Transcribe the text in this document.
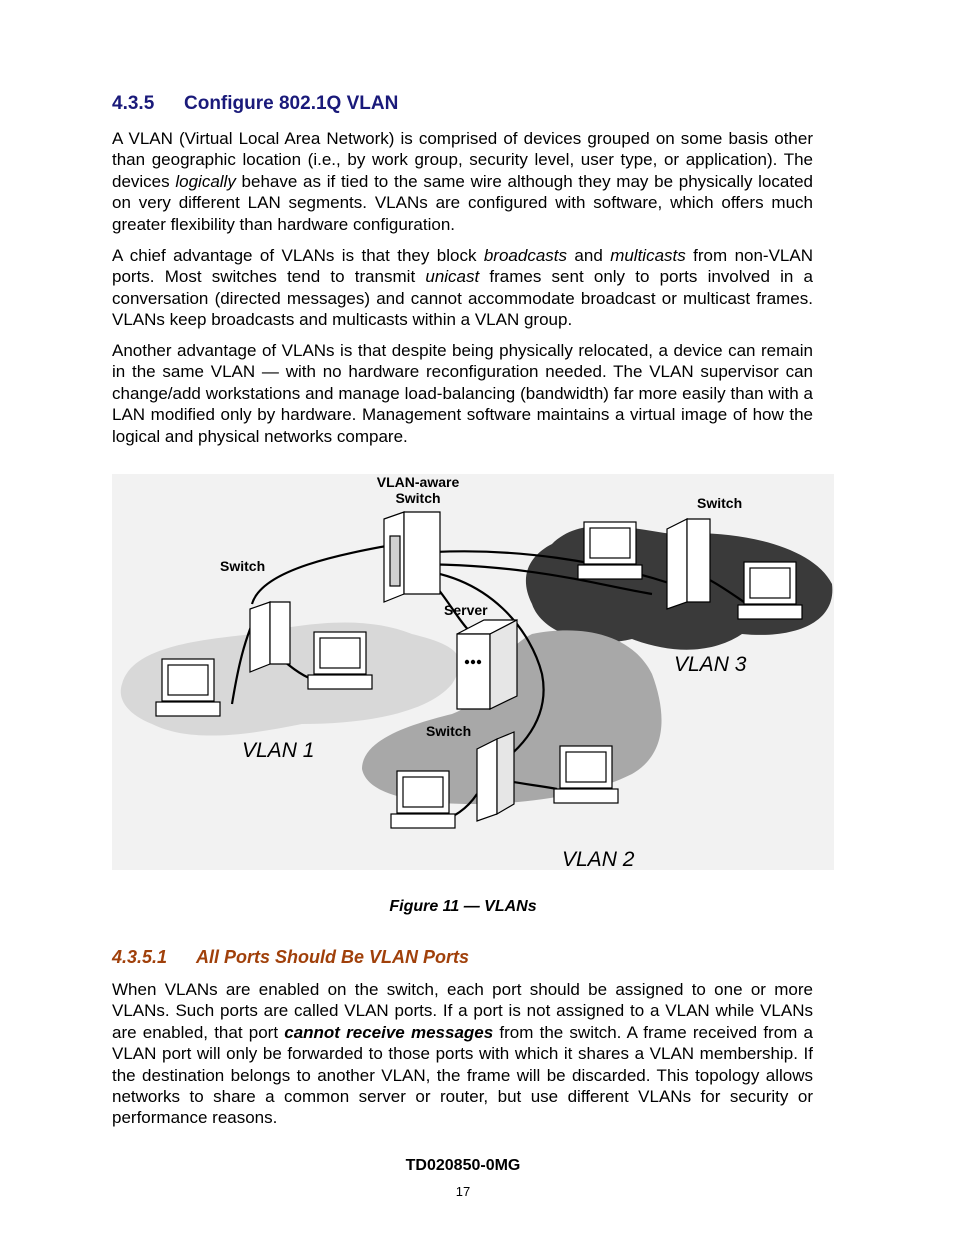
4.3.5 Configure 802.1Q VLAN

A VLAN (Virtual Local Area Network) is comprised of devices grouped on some basis other than geographic location (i.e., by work group, security level, user type, or application). The devices logically behave as if tied to the same wire although they may be physically located on very different LAN segments. VLANs are configured with software, which offers much greater flexibility than hardware configuration.

A chief advantage of VLANs is that they block broadcasts and multicasts from non-VLAN ports. Most switches tend to transmit unicast frames sent only to ports involved in a conversation (directed messages) and cannot accommodate broadcast or multicast frames. VLANs keep broadcasts and multicasts within a VLAN group.

Another advantage of VLANs is that despite being physically relocated, a device can remain in the same VLAN — with no hardware reconfiguration needed. The VLAN supervisor can change/add workstations and manage load-balancing (bandwidth) far more easily than with a LAN modified only by hardware. Management software maintains a virtual image of how the logical and physical networks compare.

VLAN-aware
Switch	Switch
Switch
Server
Switch
VLAN 1
VLAN 2
VLAN 3
Figure 11 — VLANs
4.3.5.1 All Ports Should Be VLAN Ports

When VLANs are enabled on the switch, each port should be assigned to one or more VLANs. Such ports are called VLAN ports. If a port is not assigned to a VLAN while VLANs are enabled, that port cannot receive messages from the switch. A frame received from a VLAN port will only be forwarded to those ports with which it shares a VLAN membership. If the destination belongs to another VLAN, the frame will be discarded. This topology allows networks to share a common server or router, but use different VLANs for security or performance reasons.

TD020850-0MG
17
